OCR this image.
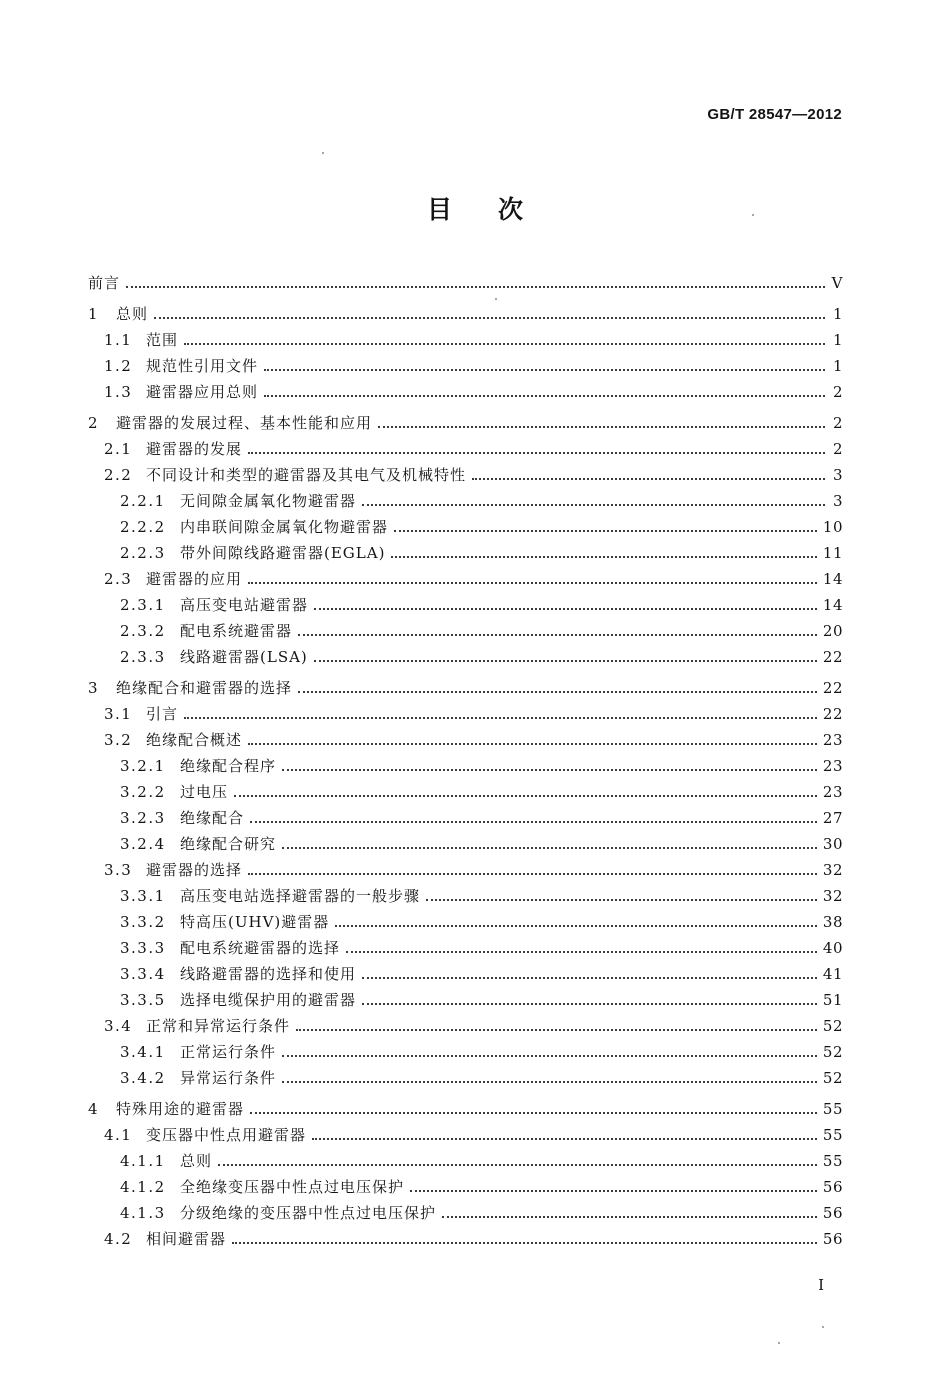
GB/T 28547—2012
目次
前言	V
1	总则	1
1.1 范围	1
1.2 规范性引用文件	1
1.3 避雷器应用总则	2
2	避雷器的发展过程、基本性能和应用	2
2.1 避雷器的发展	2
2.2 不同设计和类型的避雷器及其电气及机械特性	3
2.2.1 无间隙金属氧化物避雷器	3
2.2.2 内串联间隙金属氧化物避雷器	10
2.2.3 带外间隙线路避雷器(EGLA)	11
2.3 避雷器的应用	14
2.3.1 高压变电站避雷器	14
2.3.2 配电系统避雷器	20
2.3.3 线路避雷器(LSA)	22
3	绝缘配合和避雷器的选择	22
3.1 引言	22
3.2 绝缘配合概述	23
3.2.1 绝缘配合程序	23
3.2.2 过电压	23
3.2.3 绝缘配合	27
3.2.4 绝缘配合研究	30
3.3 避雷器的选择	32
3.3.1 高压变电站选择避雷器的一般步骤	32
3.3.2 特高压(UHV)避雷器	38
3.3.3 配电系统避雷器的选择	40
3.3.4 线路避雷器的选择和使用	41
3.3.5 选择电缆保护用的避雷器	51
3.4 正常和异常运行条件	52
3.4.1 正常运行条件	52
3.4.2 异常运行条件	52
4	特殊用途的避雷器	55
4.1 变压器中性点用避雷器	55
4.1.1 总则	55
4.1.2 全绝缘变压器中性点过电压保护	56
4.1.3 分级绝缘的变压器中性点过电压保护	56
4.2 相间避雷器	56
I
